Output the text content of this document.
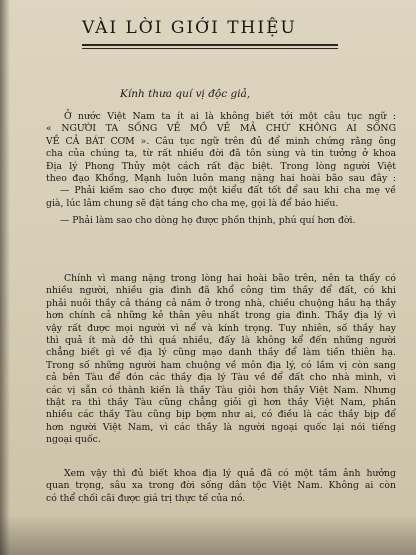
VÀI LỜI GIỚI THIỆU

Kính thưa quí vị độc giả,

Ở nước Việt Nam ta ít ai là không biết tới một câu tục ngữ :
« NGƯỜI TA SỐNG VỀ MỒ VỀ MẢ CHỨ KHÔNG AI SỐNG
VỀ CẢ BÁT CƠM ». Câu tục ngữ trên đủ để minh chứng rằng ông
cha của chúng ta, từ rất nhiều đời đã tôn sùng và tin tưởng ở khoa
Địa lý Phong Thủy một cách rất đặc biệt. Trong lòng người Việt
theo đạo Khổng, Mạnh luôn luôn mang nặng hai hoài bão sau đây :
— Phải kiếm sao cho được một kiểu đất tốt để sau khi cha mẹ về
già, lúc lâm chung sẽ đặt táng cho cha mẹ, gọi là để báo hiếu.

— Phải làm sao cho dòng họ được phồn thịnh, phú quí hơn đời.

Chính vì mang nặng trong lòng hai hoài bão trên, nên ta thấy có
nhiều người, nhiều gia đình đã khổ công tìm thầy để đất, có khi
phải nuôi thầy cả tháng cả năm ở trong nhà, chiều chuộng hầu hạ thầy
hơn chính cả những kẻ thân yêu nhất trong gia đình. Thầy địa lý vì
vậy rất được mọi người vì nể và kính trọng. Tuy nhiên, số thầy hay
thì quả ít mà dở thì quá nhiều, đấy là không kể đến những người
chẳng biết gì về địa lý cũng mạo danh thầy để làm tiền thiên hạ.
Trong số những người ham chuộng về môn địa lý, có lắm vị còn sang
cả bên Tàu để đón các thầy địa lý Tàu về để đất cho nhà mình, vì
các vị sẵn có thành kiến là thầy Tàu giỏi hơn thầy Việt Nam. Nhưng
thật ra thì thầy Tàu cũng chẳng giỏi gì hơn thầy Việt Nam, phần
nhiều các thầy Tàu cũng bịp bợm như ai, có điều là các thầy bịp để
hơn người Việt Nam, vì các thầy là người ngoại quốc lại nói tiếng
ngoại quốc.

Xem vậy thì đủ biết khoa địa lý quả đã có một tầm ảnh hưởng
quan trọng, sâu xa trong đời sống dân tộc Việt Nam. Không ai còn
có thể chối cãi được giá trị thực tế của nó.
